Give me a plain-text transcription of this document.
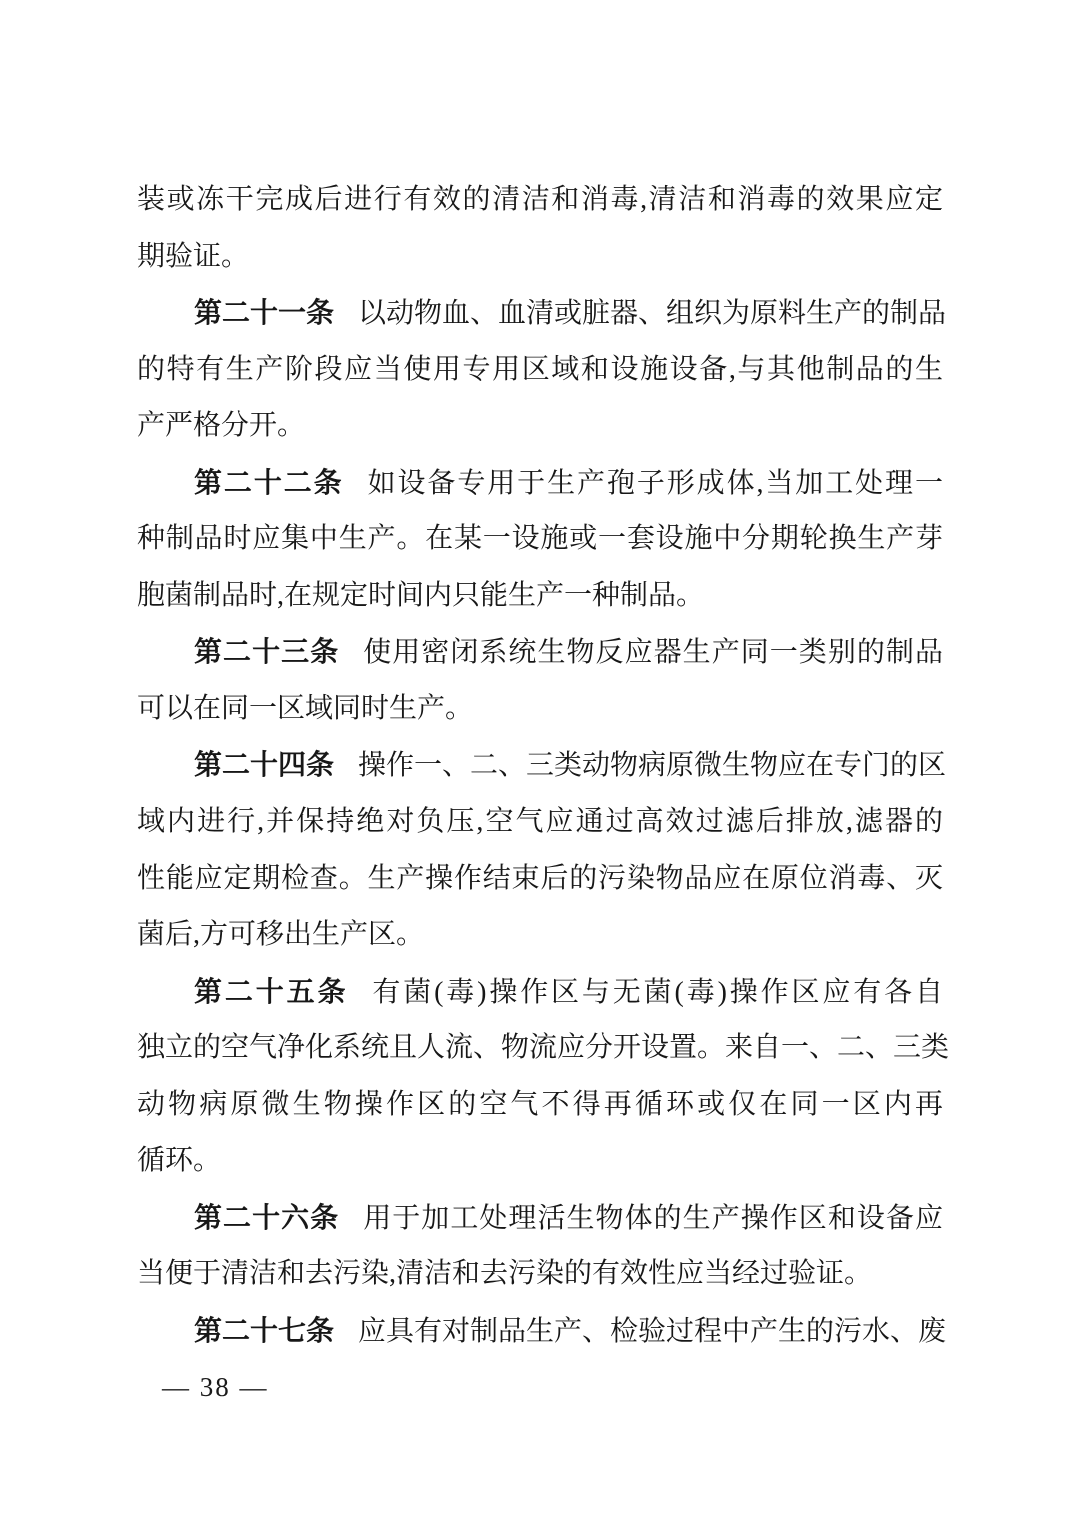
装或冻干完成后进行有效的清洁和消毒,清洁和消毒的效果应定
期验证。
第二十一条 以动物血、血清或脏器、组织为原料生产的制品
的特有生产阶段应当使用专用区域和设施设备,与其他制品的生
产严格分开。
第二十二条 如设备专用于生产孢子形成体,当加工处理一
种制品时应集中生产。在某一设施或一套设施中分期轮换生产芽
胞菌制品时,在规定时间内只能生产一种制品。
第二十三条 使用密闭系统生物反应器生产同一类别的制品
可以在同一区域同时生产。
第二十四条 操作一、二、三类动物病原微生物应在专门的区
域内进行,并保持绝对负压,空气应通过高效过滤后排放,滤器的
性能应定期检查。生产操作结束后的污染物品应在原位消毒、灭
菌后,方可移出生产区。
第二十五条 有菌(毒)操作区与无菌(毒)操作区应有各自
独立的空气净化系统且人流、物流应分开设置。来自一、二、三类
动物病原微生物操作区的空气不得再循环或仅在同一区内再
循环。
第二十六条 用于加工处理活生物体的生产操作区和设备应
当便于清洁和去污染,清洁和去污染的有效性应当经过验证。
第二十七条 应具有对制品生产、检验过程中产生的污水、废
— 38 —
